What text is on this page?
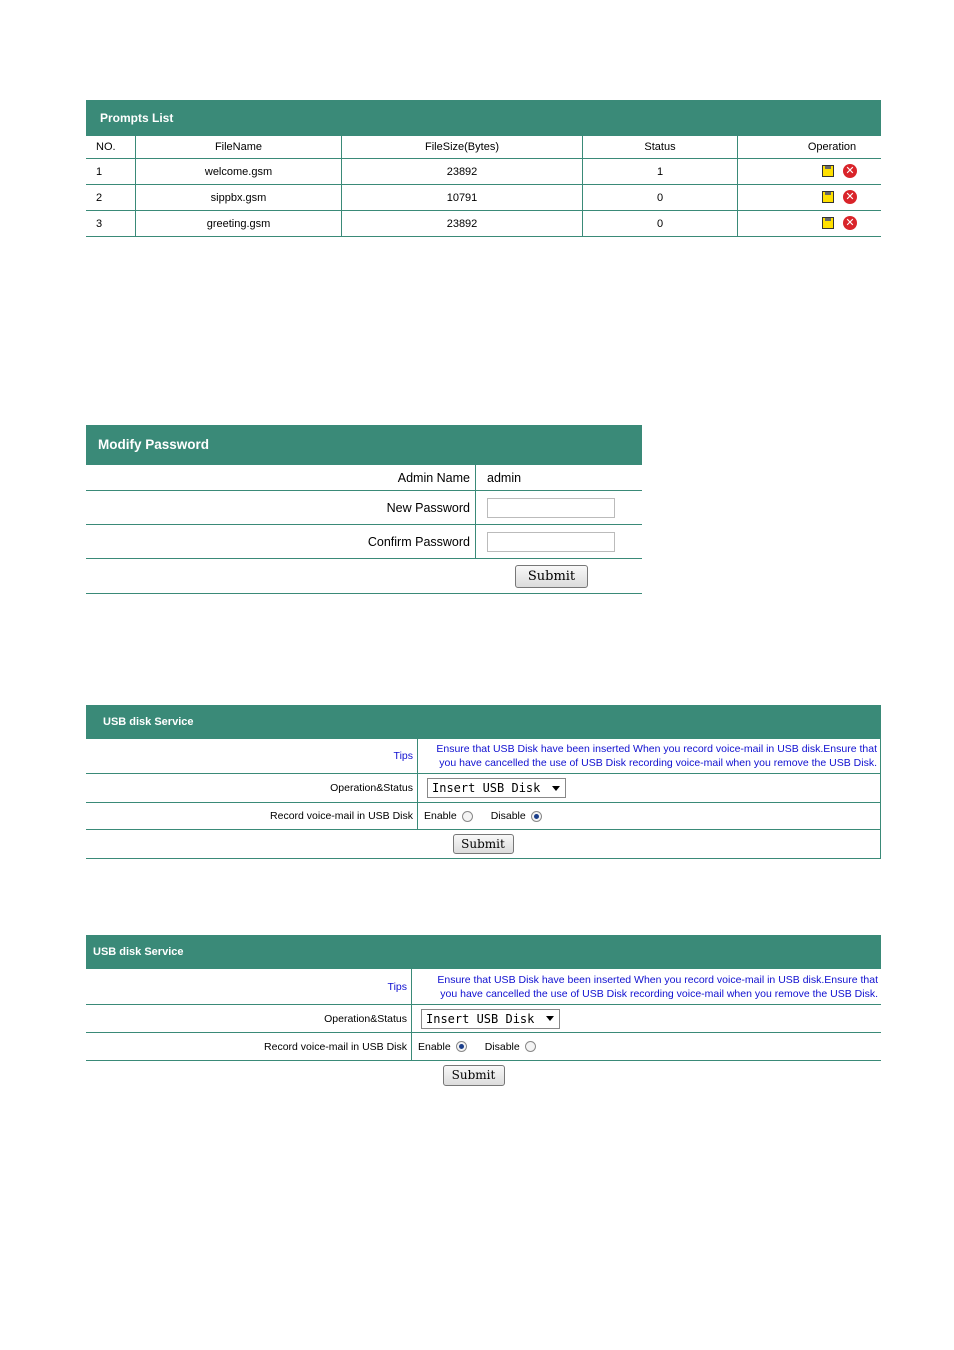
Prompts List
NO.	FileName	FileSize(Bytes)	Status	Operation
1	welcome.gsm	23892	1	✕

2	sippbx.gsm	10791	0	✕

3	greeting.gsm	23892	0	✕
Modify Password
Admin Name	admin
New Password
Confirm Password
Submit
USB disk Service
Tips
Ensure that USB Disk have been inserted When you record voice-mail in USB disk.Ensure that
you have cancelled the use of USB Disk recording voice-mail when you remove the USB Disk.
Operation&Status	Insert USB Disk
Record voice-mail in USB Disk	Enable	Disable
Submit
USB disk Service
Tips
Ensure that USB Disk have been inserted When you record voice-mail in USB disk.Ensure that
you have cancelled the use of USB Disk recording voice-mail when you remove the USB Disk.
Operation&Status	Insert USB Disk
Record voice-mail in USB Disk	Enable	Disable
Submit
